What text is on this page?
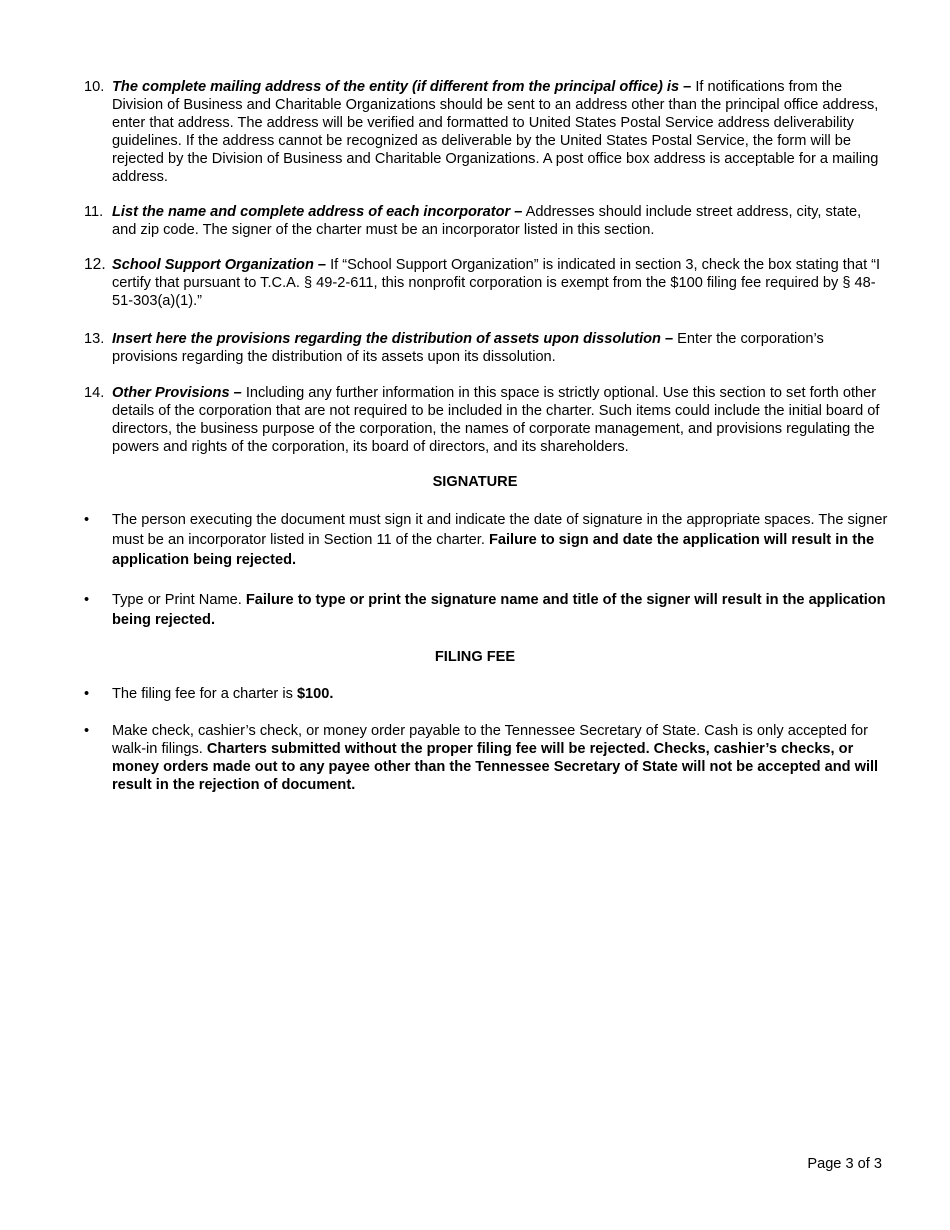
10. The complete mailing address of the entity (if different from the principal office) is – If notifications from the Division of Business and Charitable Organizations should be sent to an address other than the principal office address, enter that address. The address will be verified and formatted to United States Postal Service address deliverability guidelines. If the address cannot be recognized as deliverable by the United States Postal Service, the form will be rejected by the Division of Business and Charitable Organizations. A post office box address is acceptable for a mailing address.
11. List the name and complete address of each incorporator – Addresses should include street address, city, state, and zip code. The signer of the charter must be an incorporator listed in this section.
12. School Support Organization – If “School Support Organization” is indicated in section 3, check the box stating that “I certify that pursuant to T.C.A. § 49-2-611, this nonprofit corporation is exempt from the $100 filing fee required by § 48-51-303(a)(1).”
13. Insert here the provisions regarding the distribution of assets upon dissolution – Enter the corporation’s provisions regarding the distribution of its assets upon its dissolution.
14. Other Provisions – Including any further information in this space is strictly optional. Use this section to set forth other details of the corporation that are not required to be included in the charter. Such items could include the initial board of directors, the business purpose of the corporation, the names of corporate management, and provisions regulating the powers and rights of the corporation, its board of directors, and its shareholders.
SIGNATURE
• The person executing the document must sign it and indicate the date of signature in the appropriate spaces. The signer must be an incorporator listed in Section 11 of the charter. Failure to sign and date the application will result in the application being rejected.
• Type or Print Name. Failure to type or print the signature name and title of the signer will result in the application being rejected.
FILING FEE
• The filing fee for a charter is $100.
• Make check, cashier’s check, or money order payable to the Tennessee Secretary of State. Cash is only accepted for walk-in filings. Charters submitted without the proper filing fee will be rejected. Checks, cashier’s checks, or money orders made out to any payee other than the Tennessee Secretary of State will not be accepted and will result in the rejection of document.
Page 3 of 3
